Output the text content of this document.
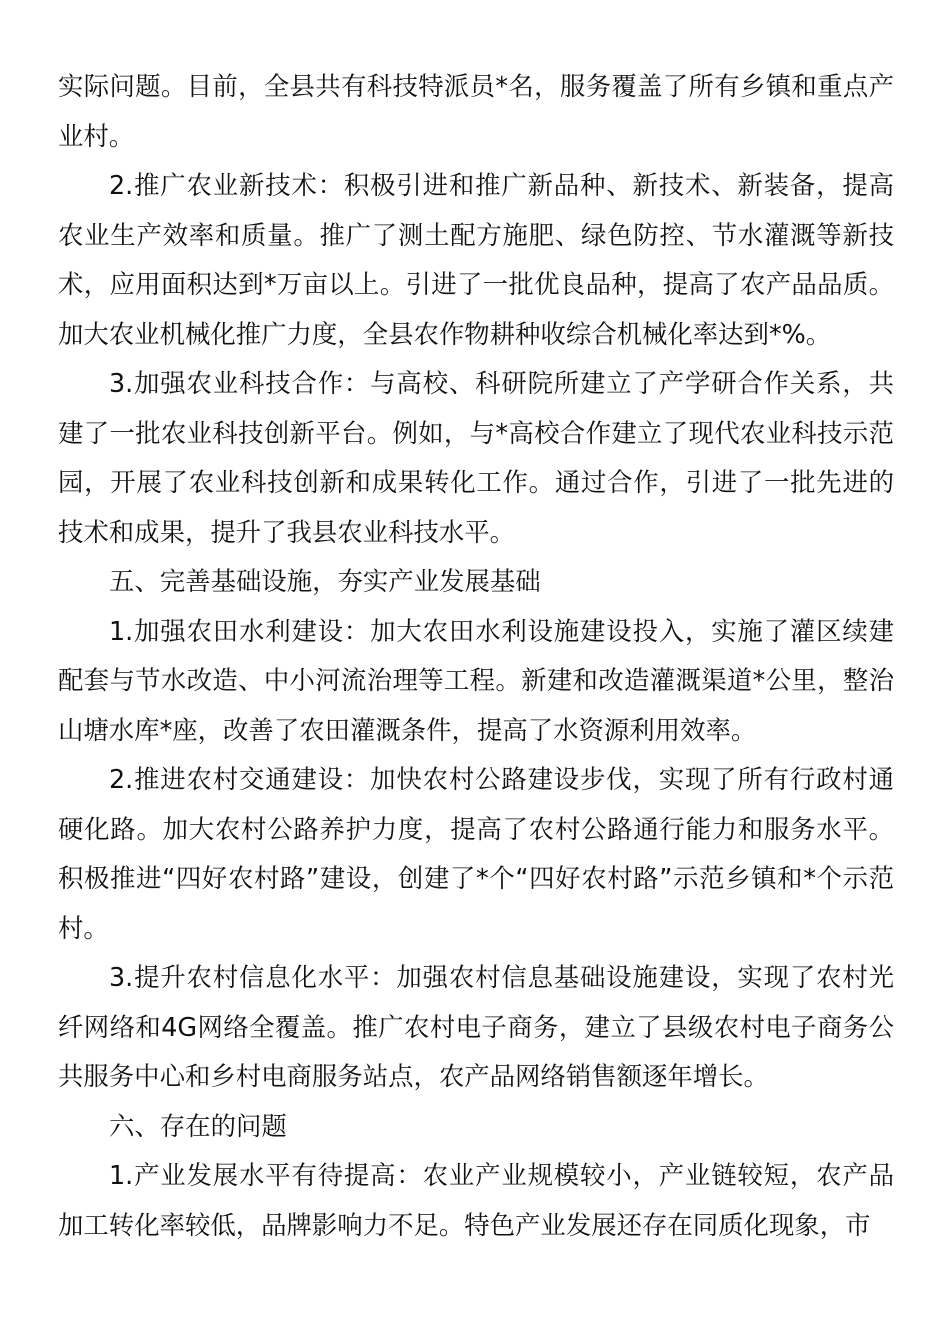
实际问题。目前，全县共有科技特派员*名，服务覆盖了所有乡镇和重点产业村。

2.推广农业新技术：积极引进和推广新品种、新技术、新装备，提高农业生产效率和质量。推广了测土配方施肥、绿色防控、节水灌溉等新技术，应用面积达到*万亩以上。引进了一批优良品种，提高了农产品品质。加大农业机械化推广力度，全县农作物耕种收综合机械化率达到*%。

3.加强农业科技合作：与高校、科研院所建立了产学研合作关系，共建了一批农业科技创新平台。例如，与*高校合作建立了现代农业科技示范园，开展了农业科技创新和成果转化工作。通过合作，引进了一批先进的技术和成果，提升了我县农业科技水平。

五、完善基础设施，夯实产业发展基础

1.加强农田水利建设：加大农田水利设施建设投入，实施了灌区续建配套与节水改造、中小河流治理等工程。新建和改造灌溉渠道*公里，整治山塘水库*座，改善了农田灌溉条件，提高了水资源利用效率。

2.推进农村交通建设：加快农村公路建设步伐，实现了所有行政村通硬化路。加大农村公路养护力度，提高了农村公路通行能力和服务水平。积极推进“四好农村路”建设，创建了*个“四好农村路”示范乡镇和*个示范村。

3.提升农村信息化水平：加强农村信息基础设施建设，实现了农村光纤网络和4G网络全覆盖。推广农村电子商务，建立了县级农村电子商务公共服务中心和乡村电商服务站点，农产品网络销售额逐年增长。

六、存在的问题

1.产业发展水平有待提高：农业产业规模较小，产业链较短，农产品加工转化率较低，品牌影响力不足。特色产业发展还存在同质化现象，市
